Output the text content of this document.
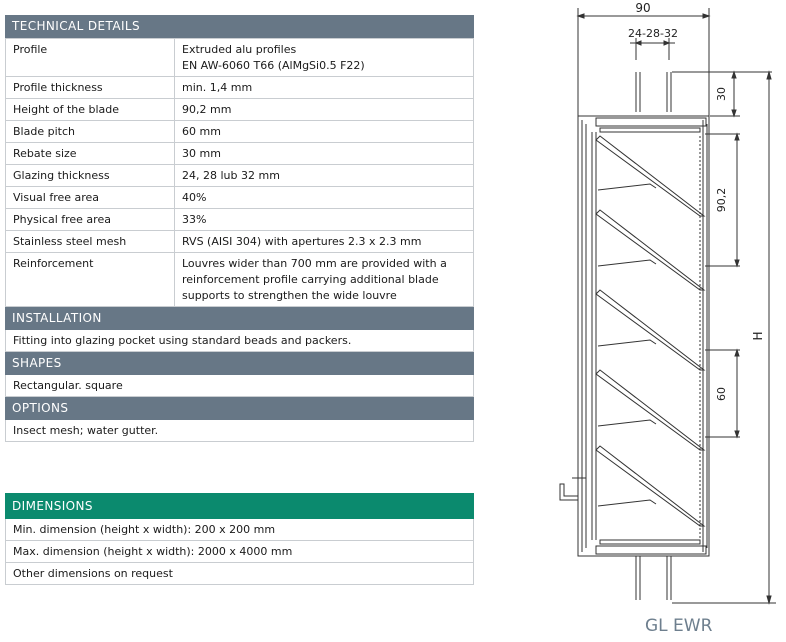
TECHNICAL DETAILS
Profile	Extruded alu profiles
EN AW-6060 T66 (AlMgSi0.5 F22)

Profile thickness	min. 1,4 mm
Height of the blade	90,2 mm
Blade pitch	60 mm
Rebate size	30 mm
Glazing thickness	24, 28 lub 32 mm
Visual free area	40%
Physical free area	33%
Stainless steel mesh	RVS (AISI 304) with apertures 2.3 x 2.3 mm
Reinforcement	Louvres wider than 700 mm are provided with a
reinforcement profile carrying additional blade
supports to strengthen the wide louvre
INSTALLATION
Fitting into glazing pocket using standard beads and packers.
SHAPES
Rectangular. square
OPTIONS
Insect mesh; water gutter.
DIMENSIONS
Min. dimension (height x width): 200 x 200 mm
Max. dimension (height x width): 2000 x 4000 mm
Other dimensions on request
90
24-28-32
30
90,2
60
H
GL EWR
